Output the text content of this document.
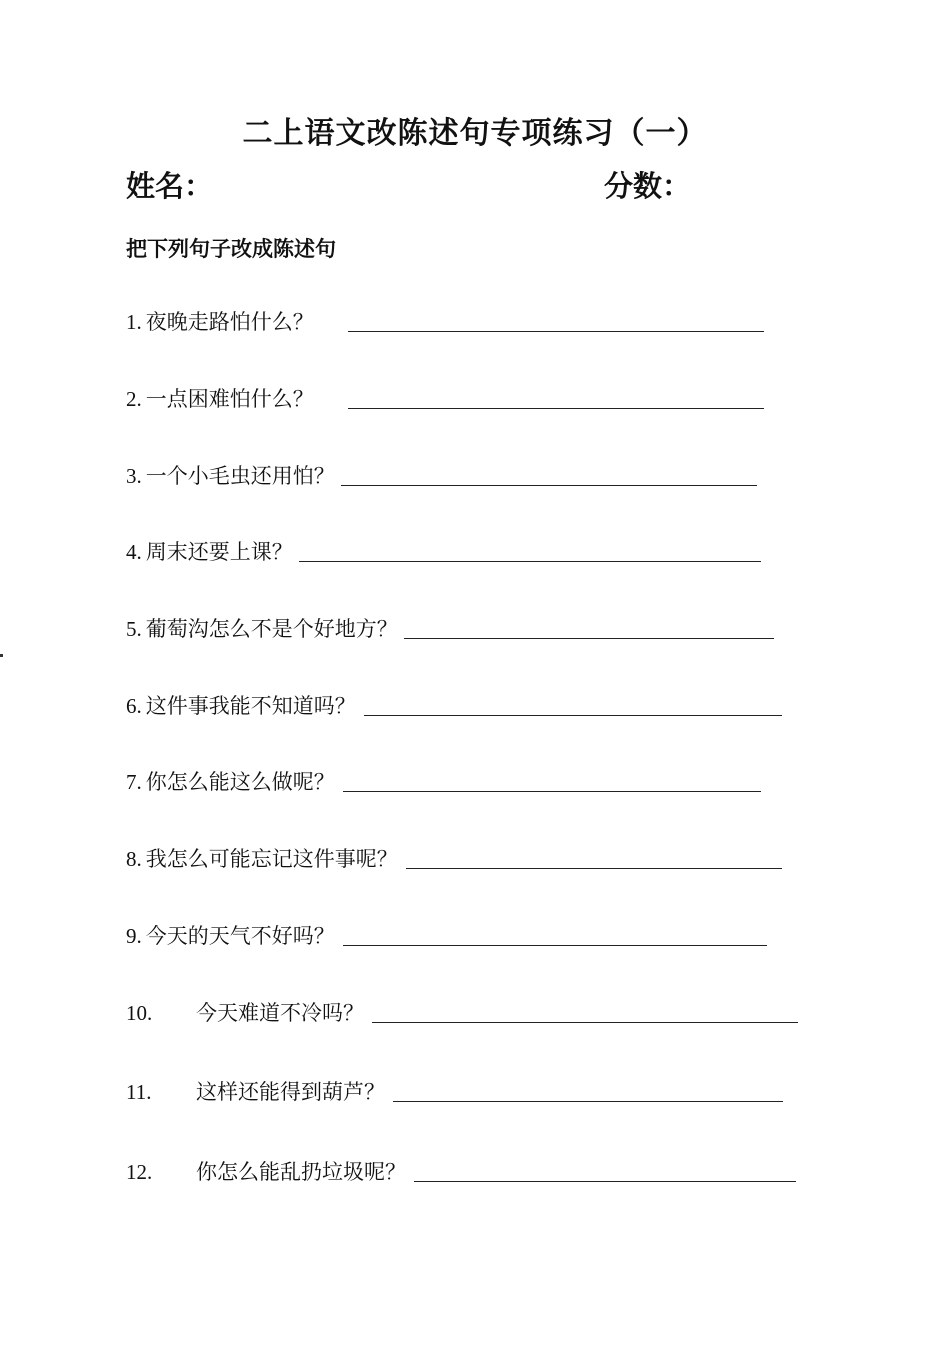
二上语文改陈述句专项练习（一）
姓名：	分数：
把下列句子改成陈述句
1. 夜晚走路怕什么？
2. 一点困难怕什么？
3. 一个小毛虫还用怕？
4. 周末还要上课？
5. 葡萄沟怎么不是个好地方？
6. 这件事我能不知道吗？
7. 你怎么能这么做呢？
8. 我怎么可能忘记这件事呢？
9. 今天的天气不好吗？
10.	今天难道不冷吗？
11.	这样还能得到葫芦？
12.	你怎么能乱扔垃圾呢？
